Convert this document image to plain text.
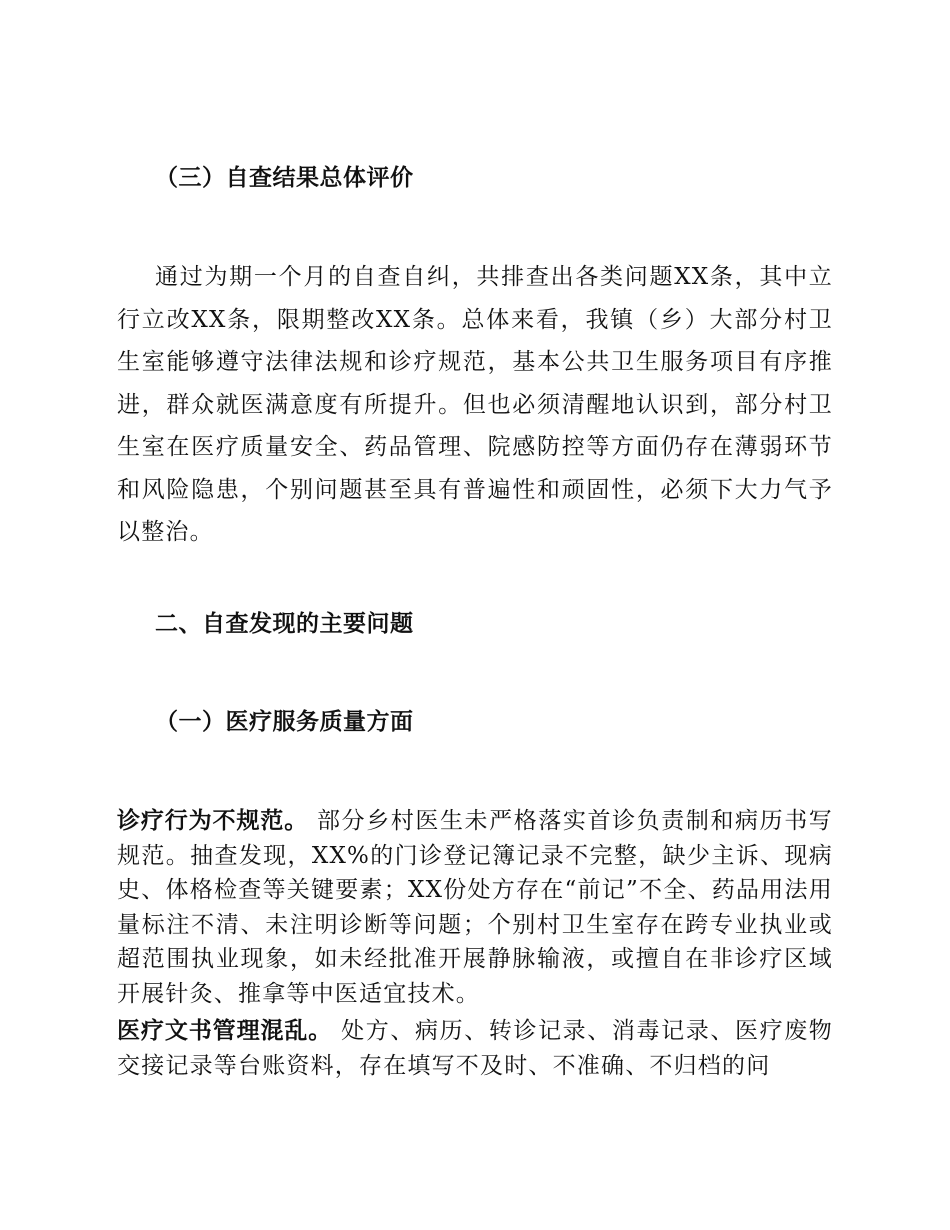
（三）自查结果总体评价

通过为期一个月的自查自纠，共排查出各类问题XX条，其中立行立改XX条，限期整改XX条。总体来看，我镇（乡）大部分村卫生室能够遵守法律法规和诊疗规范，基本公共卫生服务项目有序推进，群众就医满意度有所提升。但也必须清醒地认识到，部分村卫生室在医疗质量安全、药品管理、院感防控等方面仍存在薄弱环节和风险隐患，个别问题甚至具有普遍性和顽固性，必须下大力气予以整治。

二、自查发现的主要问题
（一）医疗服务质量方面

诊疗行为不规范。 部分乡村医生未严格落实首诊负责制和病历书写规范。抽查发现，XX%的门诊登记簿记录不完整，缺少主诉、现病史、体格检查等关键要素；XX份处方存在“前记”不全、药品用法用量标注不清、未注明诊断等问题；个别村卫生室存在跨专业执业或超范围执业现象，如未经批准开展静脉输液，或擅自在非诊疗区域开展针灸、推拿等中医适宜技术。

医疗文书管理混乱。 处方、病历、转诊记录、消毒记录、医疗废物交接记录等台账资料，存在填写不及时、不准确、不归档的问
